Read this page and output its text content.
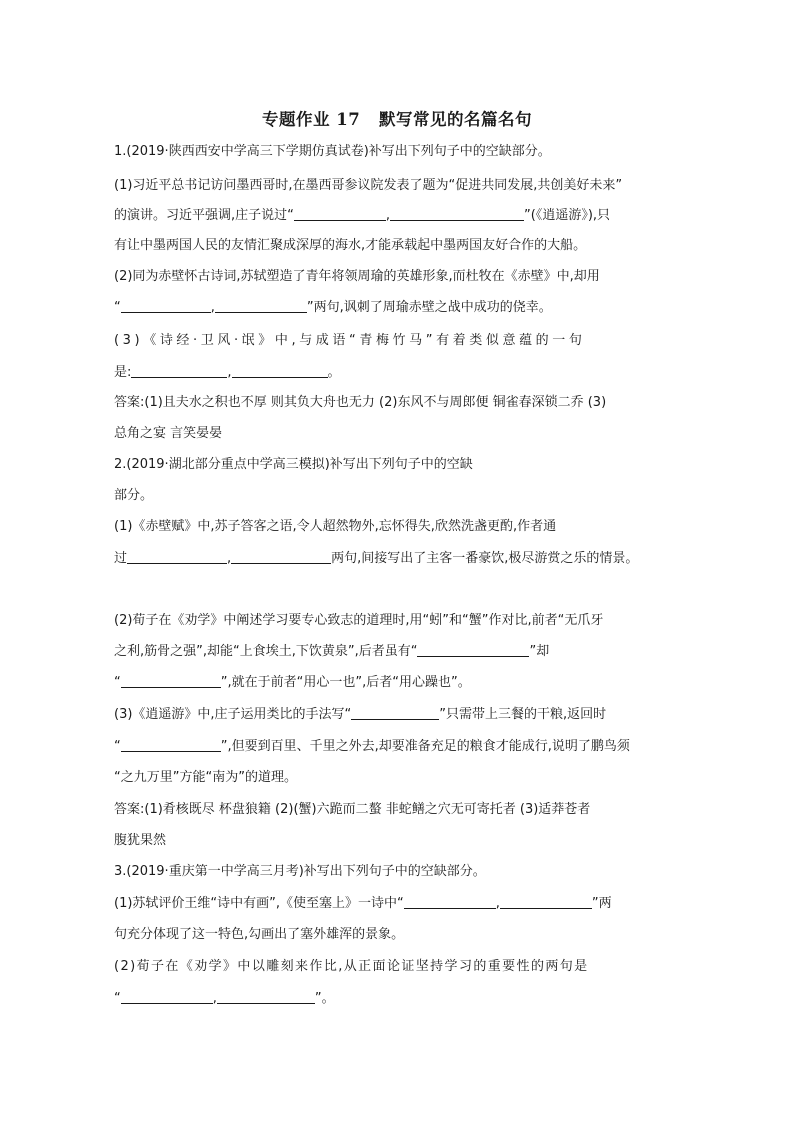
专题作业 17   默写常见的名篇名句
1.(2019·陕西西安中学高三下学期仿真试卷)补写出下列句子中的空缺部分。
(1)习近平总书记访问墨西哥时,在墨西哥参议院发表了题为“促进共同发展,共创美好未来”
的演讲。习近平强调,庄子说过“	,	”(《逍遥游》),只
有让中墨两国人民的友情汇聚成深厚的海水,才能承载起中墨两国友好合作的大船。
(2)同为赤壁怀古诗词,苏轼塑造了青年将领周瑜的英雄形象,而杜牧在《赤壁》中,却用
“	,	”两句,讽刺了周瑜赤壁之战中成功的侥幸。
(3)《诗经·卫风·氓》中,与成语“青梅竹马”有着类似意蕴的一句
是:	,	。
答案:(1)且夫水之积也不厚 则其负大舟也无力 (2)东风不与周郎便 铜雀春深锁二乔 (3)
总角之宴 言笑晏晏
2.(2019·湖北部分重点中学高三模拟)补写出下列句子中的空缺
部分。
(1)《赤壁赋》中,苏子答客之语,令人超然物外,忘怀得失,欣然洗盏更酌,作者通
过	,	两句,间接写出了主客一番豪饮,极尽游赏之乐的情景。
(2)荀子在《劝学》中阐述学习要专心致志的道理时,用“蚓”和“蟹”作对比,前者“无爪牙
之利,筋骨之强”,却能“上食埃土,下饮黄泉”,后者虽有“	”却
“	”,就在于前者“用心一也”,后者“用心躁也”。
(3)《逍遥游》中,庄子运用类比的手法写“	”只需带上三餐的干粮,返回时
“	”,但要到百里、千里之外去,却要准备充足的粮食才能成行,说明了鹏鸟须
“之九万里”方能“南为”的道理。
答案:(1)肴核既尽 杯盘狼籍 (2)(蟹)六跪而二螯 非蛇鳝之穴无可寄托者 (3)适莽苍者
腹犹果然
3.(2019·重庆第一中学高三月考)补写出下列句子中的空缺部分。
(1)苏轼评价王维“诗中有画”,《使至塞上》一诗中“	,	”两
句充分体现了这一特色,勾画出了塞外雄浑的景象。
(2)荀子在《劝学》中以雕刻来作比,从正面论证坚持学习的重要性的两句是
“	,	”。
